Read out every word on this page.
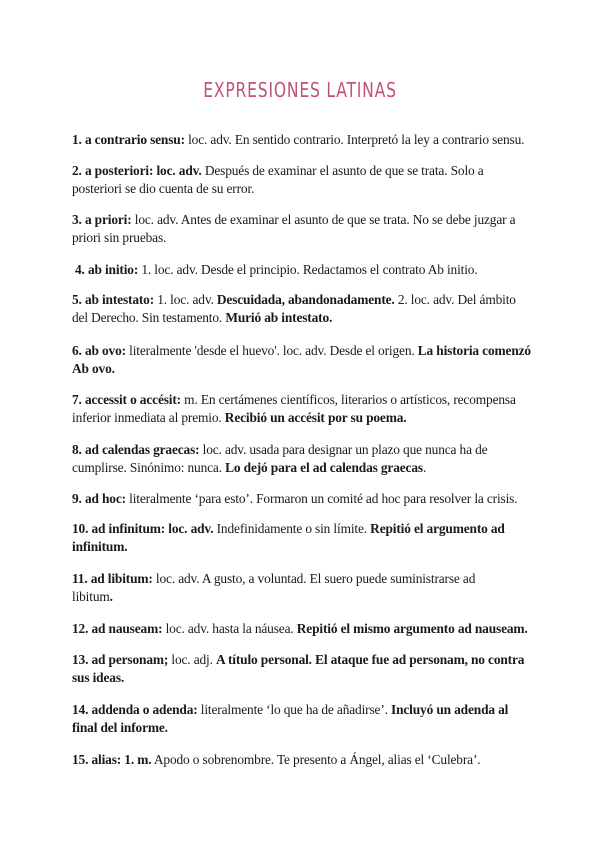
EXPRESIONES LATINAS
1. a contrario sensu: loc. adv. En sentido contrario. Interpretó la ley a contrario sensu.
2. a posteriori: loc. adv. Después de examinar el asunto de que se trata. Solo a posteriori se dio cuenta de su error.
3. a priori: loc. adv. Antes de examinar el asunto de que se trata. No se debe juzgar a priori sin pruebas.
4. ab initio: 1. loc. adv. Desde el principio. Redactamos el contrato Ab initio.
5. ab intestato: 1. loc. adv. Descuidada, abandonadamente. 2. loc. adv. Del ámbito del Derecho. Sin testamento. Murió ab intestato.
6. ab ovo: literalmente 'desde el huevo'. loc. adv. Desde el origen. La historia comenzó Ab ovo.
7. accessit o accésit: m. En certámenes científicos, literarios o artísticos, recompensa inferior inmediata al premio. Recibió un accésit por su poema.
8. ad calendas graecas: loc. adv. usada para designar un plazo que nunca ha de cumplirse. Sinónimo: nunca. Lo dejó para el ad calendas graecas.
9. ad hoc: literalmente ‘para esto’. Formaron un comité ad hoc para resolver la crisis.
10. ad infinitum: loc. adv. Indefinidamente o sin límite. Repitió el argumento ad infinitum.
11. ad libitum: loc. adv. A gusto, a voluntad. El suero puede suministrarse ad libitum.
12. ad nauseam: loc. adv. hasta la náusea. Repitió el mismo argumento ad nauseam.
13. ad personam; loc. adj. A título personal. El ataque fue ad personam, no contra sus ideas.
14. addenda o adenda: literalmente ‘lo que ha de añadirse’. Incluyó un adenda al final del informe.
15. alias: 1. m. Apodo o sobrenombre. Te presento a Ángel, alias el ‘Culebra’.
